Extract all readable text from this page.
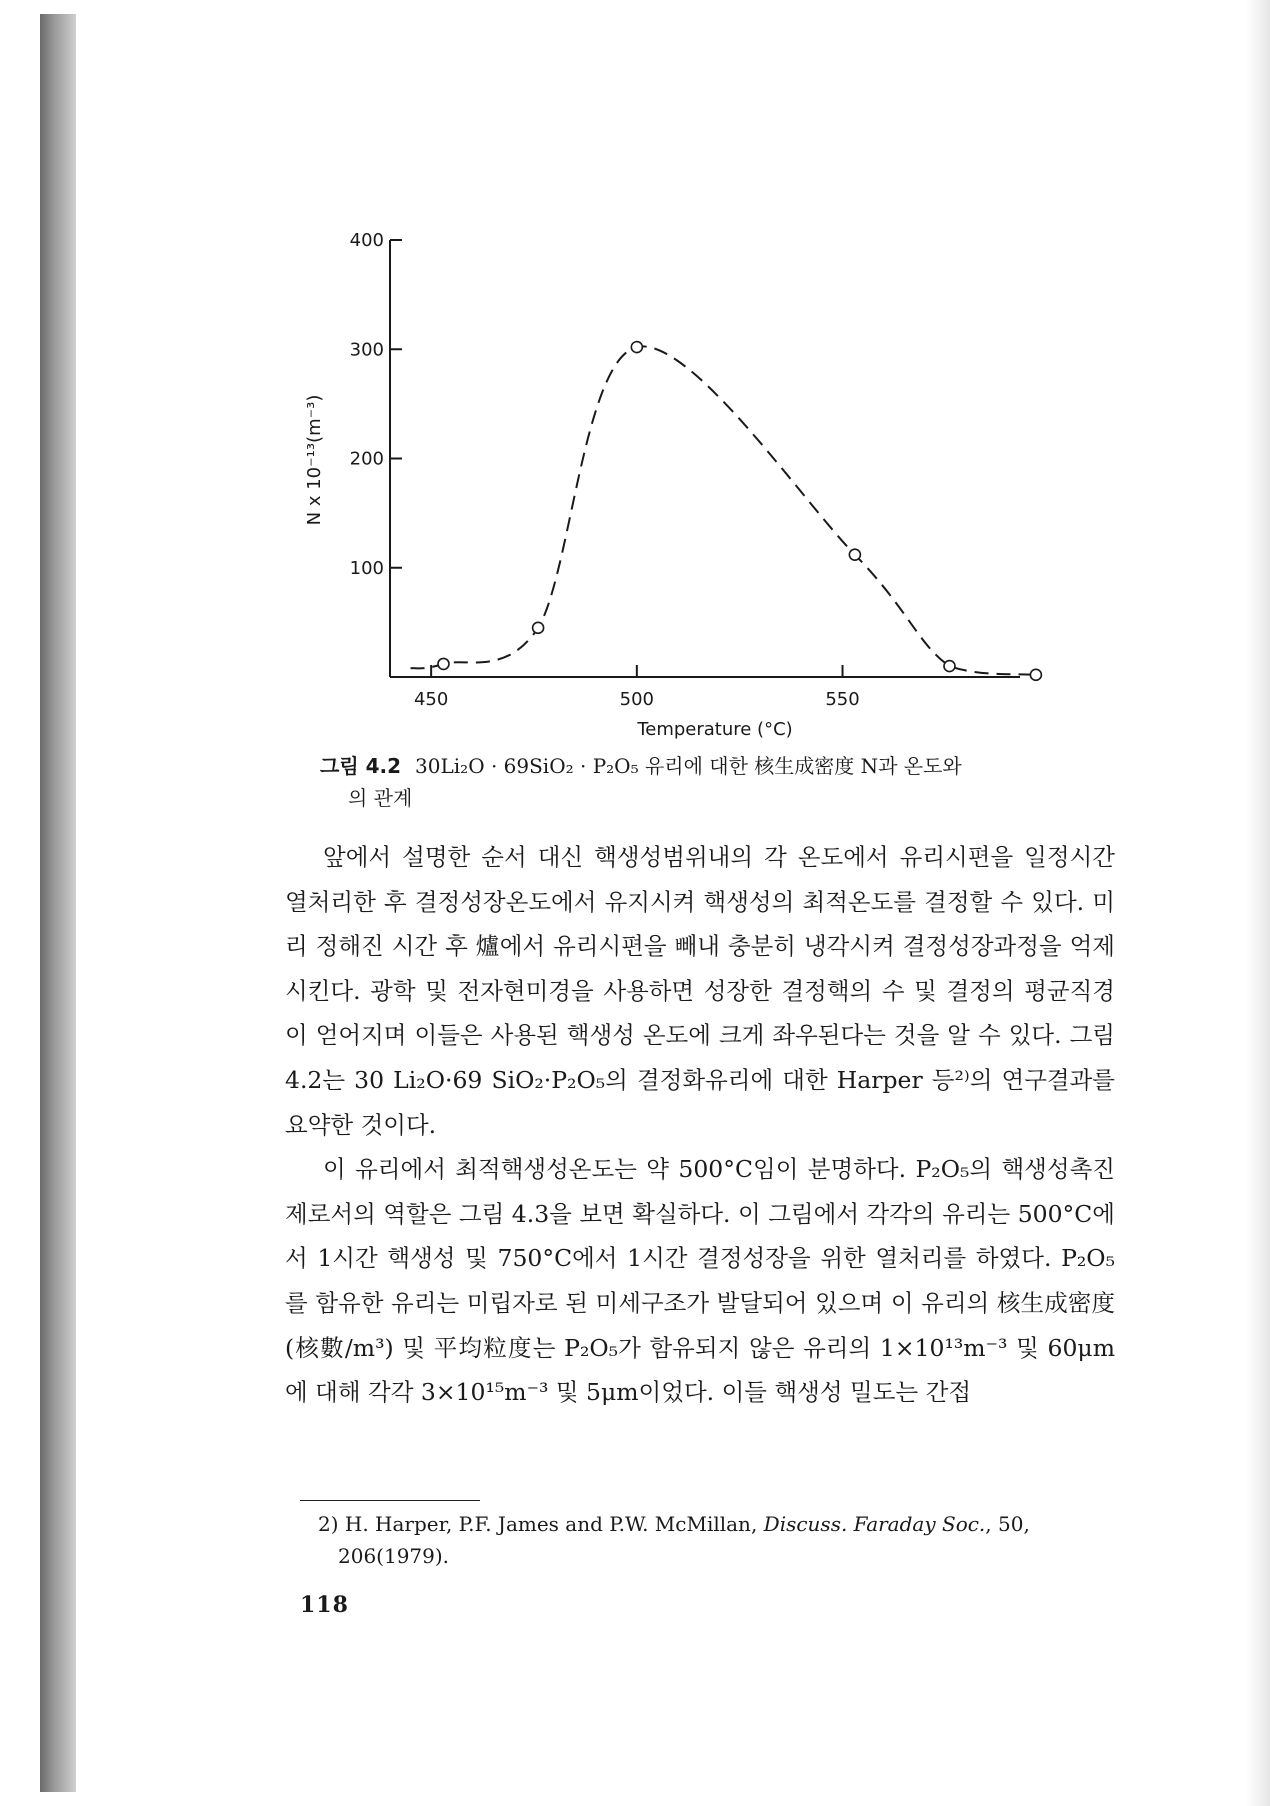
100
200
300
400
450	500	550
Temperature (°C)
N x 10⁻¹³(m⁻³)
그림 4.2 30Li₂O · 69SiO₂ · P₂O₅ 유리에 대한 核生成密度 N과 온도와
의 관계

앞에서 설명한 순서 대신 핵생성범위내의 각 온도에서 유리시편을 일정시간 열처리한 후 결정성장온도에서 유지시켜 핵생성의 최적온도를 결정할 수 있다. 미리 정해진 시간 후 爐에서 유리시편을 빼내 충분히 냉각시켜 결정성장과정을 억제시킨다. 광학 및 전자현미경을 사용하면 성장한 결정핵의 수 및 결정의 평균직경이 얻어지며 이들은 사용된 핵생성 온도에 크게 좌우된다는 것을 알 수 있다. 그림 4.2는 30 Li₂O·69 SiO₂·P₂O₅의 결정화유리에 대한 Harper 등²⁾의 연구결과를 요약한 것이다.

이 유리에서 최적핵생성온도는 약 500°C임이 분명하다. P₂O₅의 핵생성촉진제로서의 역할은 그림 4.3을 보면 확실하다. 이 그림에서 각각의 유리는 500°C에서 1시간 핵생성 및 750°C에서 1시간 결정성장을 위한 열처리를 하였다. P₂O₅를 함유한 유리는 미립자로 된 미세구조가 발달되어 있으며 이 유리의 核生成密度(核數/m³) 및 平均粒度는 P₂O₅가 함유되지 않은 유리의 1×10¹³m⁻³ 및 60μm에 대해 각각 3×10¹⁵m⁻³ 및 5μm이었다. 이들 핵생성 밀도는 간접

2) H. Harper, P.F. James and P.W. McMillan, Discuss. Faraday Soc., 50,
206(1979).
118
